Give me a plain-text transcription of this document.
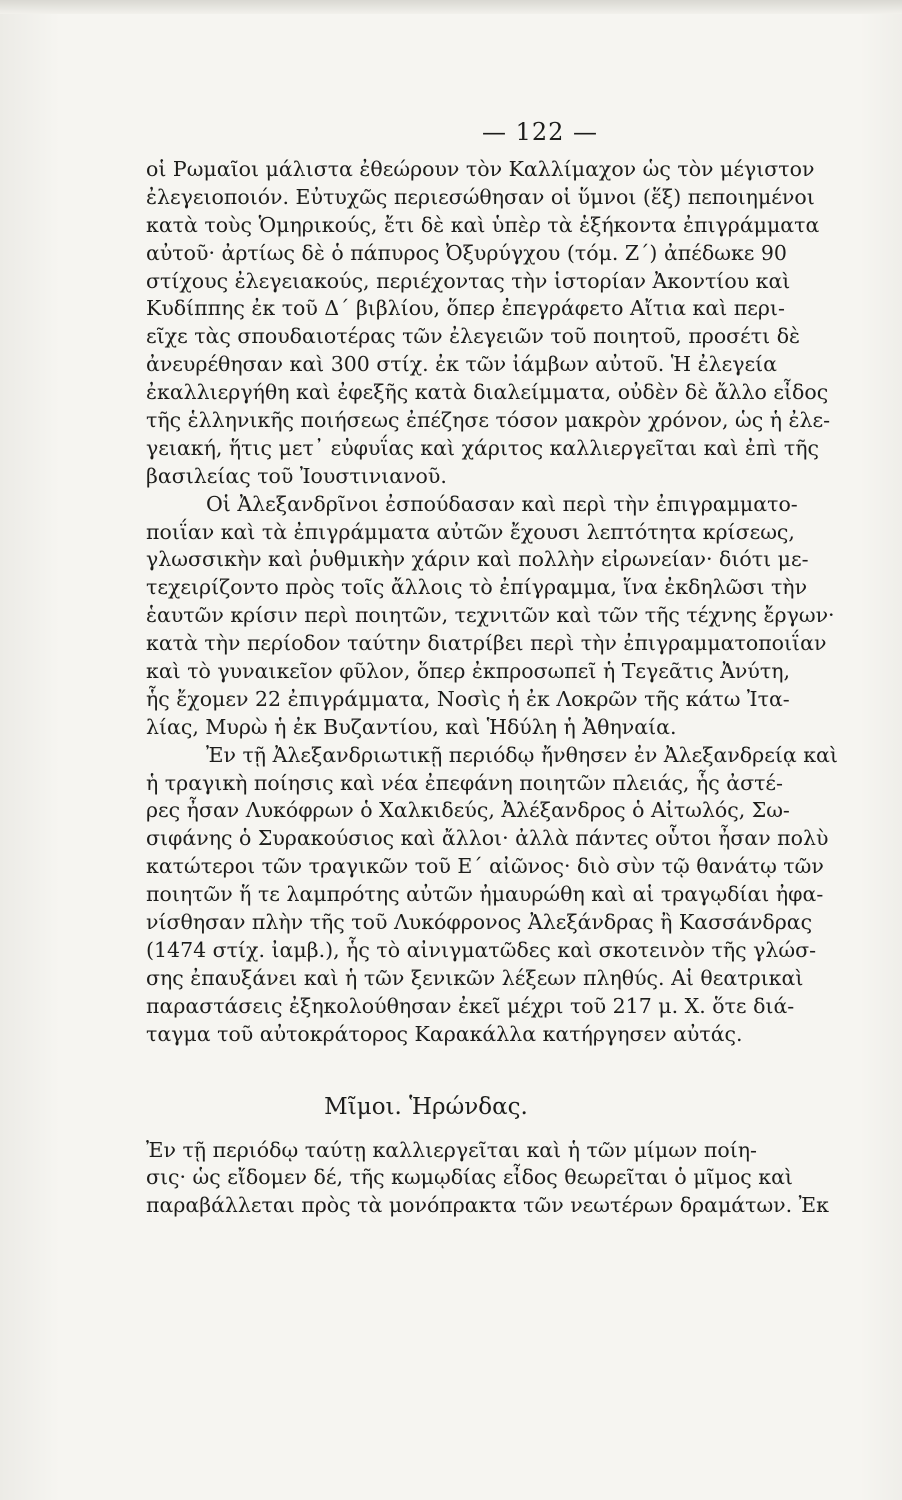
— 122 —
οἱ Ρωμαῖοι μάλιστα ἐθεώρουν τὸν Καλλίμαχον ὡς τὸν μέγιστον
ἐλεγειοποιόν. Εὐτυχῶς περιεσώθησαν οἱ ὕμνοι (ἕξ) πεποιημένοι
κατὰ τοὺς Ὁμηρικούς, ἔτι δὲ καὶ ὑπὲρ τὰ ἑξήκοντα ἐπιγράμματα
αὐτοῦ· ἀρτίως δὲ ὁ πάπυρος Ὀξυρύγχου (τόμ. Ζ΄) ἀπέδωκε 90
στίχους ἐλεγειακούς, περιέχοντας τὴν ἱστορίαν Ἀκοντίου καὶ
Κυδίππης ἐκ τοῦ Δ΄ βιβλίου, ὅπερ ἐπεγράφετο Αἴτια καὶ περι-
εῖχε τὰς σπουδαιοτέρας τῶν ἐλεγειῶν τοῦ ποιητοῦ, προσέτι δὲ
ἀνευρέθησαν καὶ 300 στίχ. ἐκ τῶν ἰάμβων αὐτοῦ. Ἡ ἐλεγεία
ἐκαλλιεργήθη καὶ ἐφεξῆς κατὰ διαλείμματα, οὐδὲν δὲ ἄλλο εἶδος
τῆς ἑλληνικῆς ποιήσεως ἐπέζησε τόσον μακρὸν χρόνον, ὡς ἡ ἐλε-
γειακή, ἥτις μετ᾽ εὐφυΐας καὶ χάριτος καλλιεργεῖται καὶ ἐπὶ τῆς
βασιλείας τοῦ Ἰουστινιανοῦ.
Οἱ Ἀλεξανδρῖνοι ἐσπούδασαν καὶ περὶ τὴν ἐπιγραμματο-
ποιΐαν καὶ τὰ ἐπιγράμματα αὐτῶν ἔχουσι λεπτότητα κρίσεως,
γλωσσικὴν καὶ ῥυθμικὴν χάριν καὶ πολλὴν εἰρωνείαν· διότι με-
τεχειρίζοντο πρὸς τοῖς ἄλλοις τὸ ἐπίγραμμα, ἵνα ἐκδηλῶσι τὴν
ἑαυτῶν κρίσιν περὶ ποιητῶν, τεχνιτῶν καὶ τῶν τῆς τέχνης ἔργων·
κατὰ τὴν περίοδον ταύτην διατρίβει περὶ τὴν ἐπιγραμματοποιΐαν
καὶ τὸ γυναικεῖον φῦλον, ὅπερ ἐκπροσωπεῖ ἡ Τεγεᾶτις Ἀνύτη,
ἧς ἔχομεν 22 ἐπιγράμματα, Νοσὶς ἡ ἐκ Λοκρῶν τῆς κάτω Ἰτα-
λίας, Μυρὼ ἡ ἐκ Βυζαντίου, καὶ Ἡδύλη ἡ Ἀθηναία.
Ἐν τῇ Ἀλεξανδριωτικῇ περιόδῳ ἤνθησεν ἐν Ἀλεξανδρείᾳ καὶ
ἡ τραγικὴ ποίησις καὶ νέα ἐπεφάνη ποιητῶν πλειάς, ἧς ἀστέ-
ρες ἦσαν Λυκόφρων ὁ Χαλκιδεύς, Ἀλέξανδρος ὁ Αἰτωλός, Σω-
σιφάνης ὁ Συρακούσιος καὶ ἄλλοι· ἀλλὰ πάντες οὗτοι ἦσαν πολὺ
κατώτεροι τῶν τραγικῶν τοῦ Ε΄ αἰῶνος· διὸ σὺν τῷ θανάτῳ τῶν
ποιητῶν ἥ τε λαμπρότης αὐτῶν ἠμαυρώθη καὶ αἱ τραγῳδίαι ἠφα-
νίσθησαν πλὴν τῆς τοῦ Λυκόφρονος Ἀλεξάνδρας ἢ Κασσάνδρας
(1474 στίχ. ἰαμβ.), ἧς τὸ αἰνιγματῶδες καὶ σκοτεινὸν τῆς γλώσ-
σης ἐπαυξάνει καὶ ἡ τῶν ξενικῶν λέξεων πληθύς. Αἱ θεατρικαὶ
παραστάσεις ἐξηκολούθησαν ἐκεῖ μέχρι τοῦ 217 μ. Χ. ὅτε διά-
ταγμα τοῦ αὐτοκράτορος Καρακάλλα κατήργησεν αὐτάς.
Μῖμοι. Ἡρώνδας.
Ἐν τῇ περιόδῳ ταύτῃ καλλιεργεῖται καὶ ἡ τῶν μίμων ποίη-
σις· ὡς εἴδομεν δέ, τῆς κωμῳδίας εἶδος θεωρεῖται ὁ μῖμος καὶ
παραβάλλεται πρὸς τὰ μονόπρακτα τῶν νεωτέρων δραμάτων. Ἐκ
